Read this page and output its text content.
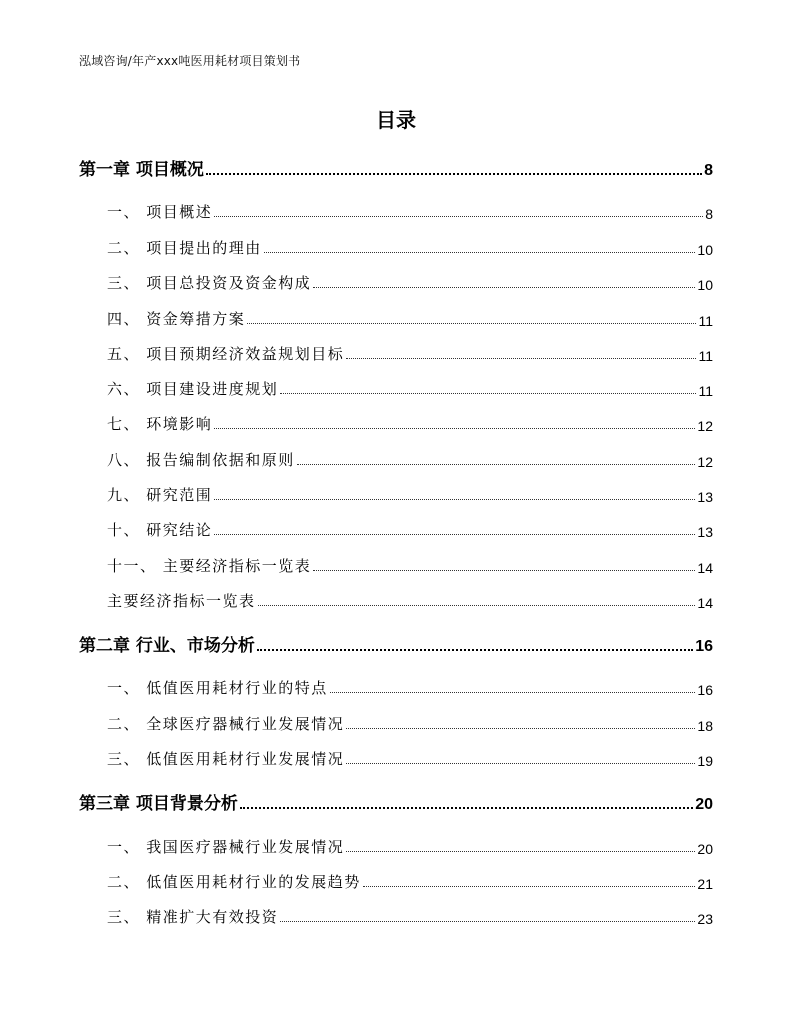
泓域咨询/年产xxx吨医用耗材项目策划书
目录
第一章 项目概况	8
一、 项目概述	8
二、 项目提出的理由	10
三、 项目总投资及资金构成	10
四、 资金筹措方案	11
五、 项目预期经济效益规划目标	11
六、 项目建设进度规划	11
七、 环境影响	12
八、 报告编制依据和原则	12
九、 研究范围	13
十、 研究结论	13
十一、 主要经济指标一览表	14
主要经济指标一览表	14
第二章 行业、市场分析	16
一、 低值医用耗材行业的特点	16
二、 全球医疗器械行业发展情况	18
三、 低值医用耗材行业发展情况	19
第三章 项目背景分析	20
一、 我国医疗器械行业发展情况	20
二、 低值医用耗材行业的发展趋势	21
三、 精准扩大有效投资	23
